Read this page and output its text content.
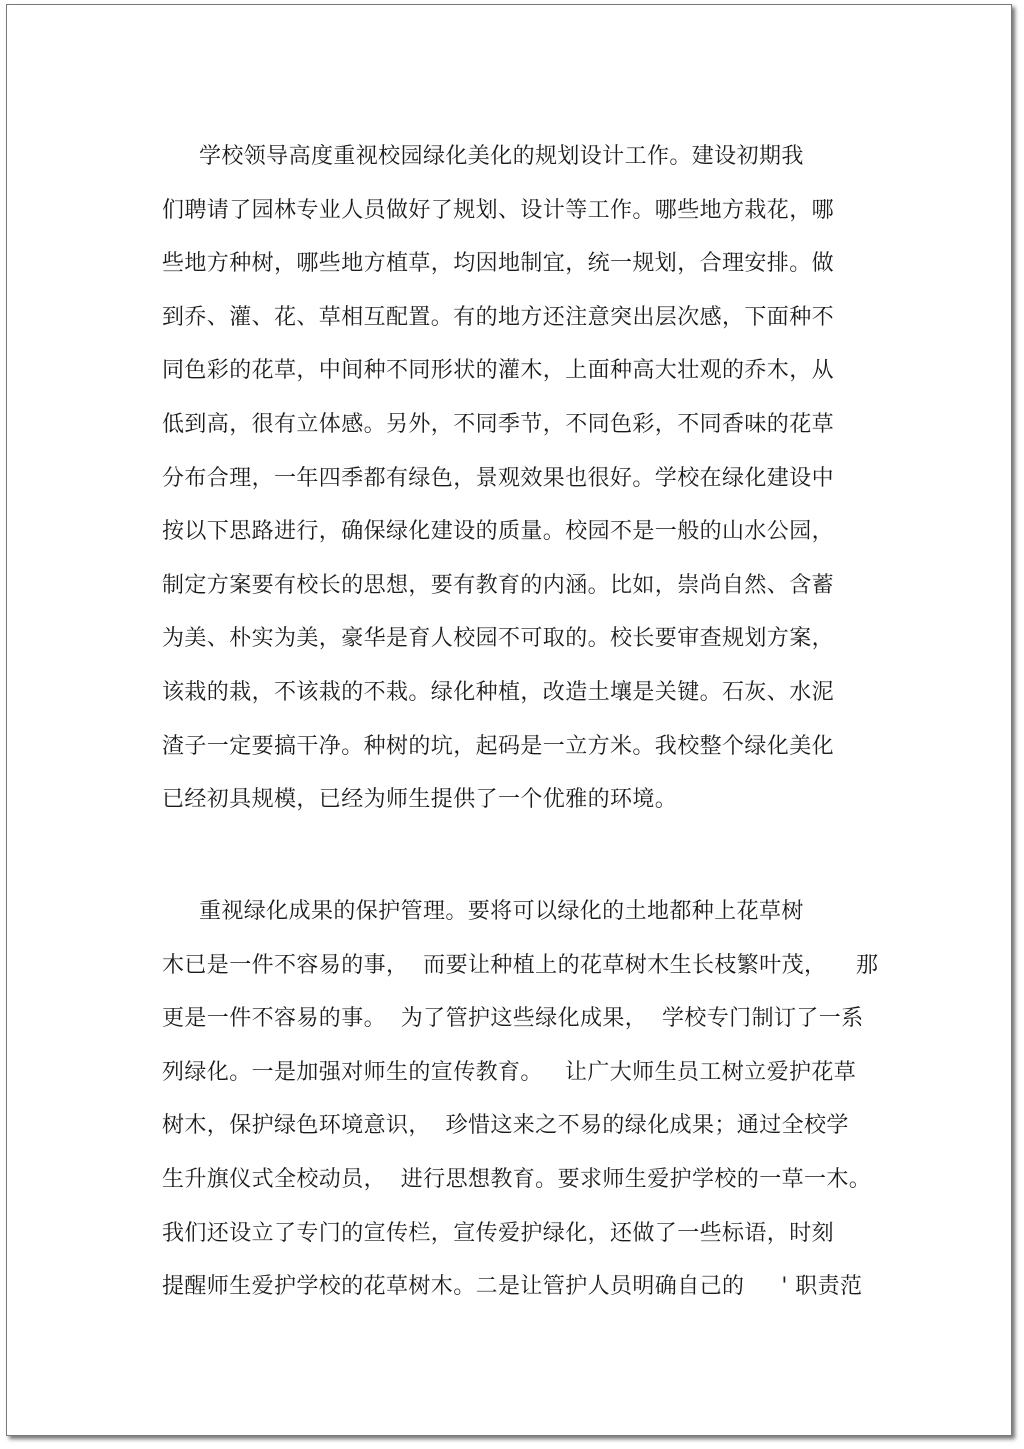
学校领导高度重视校园绿化美化的规划设计工作。建设初期我
们聘请了园林专业人员做好了规划、设计等工作。哪些地方栽花，哪
些地方种树，哪些地方植草，均因地制宜，统一规划，合理安排。做
到乔、灌、花、草相互配置。有的地方还注意突出层次感，下面种不
同色彩的花草，中间种不同形状的灌木，上面种高大壮观的乔木，从
低到高，很有立体感。另外，不同季节，不同色彩，不同香味的花草
分布合理，一年四季都有绿色，景观效果也很好。学校在绿化建设中
按以下思路进行，确保绿化建设的质量。校园不是一般的山水公园，
制定方案要有校长的思想，要有教育的内涵。比如，崇尚自然、含蓄
为美、朴实为美，豪华是育人校园不可取的。校长要审查规划方案，
该栽的栽，不该栽的不栽。绿化种植，改造土壤是关键。石灰、水泥
渣子一定要搞干净。种树的坑，起码是一立方米。我校整个绿化美化
已经初具规模，已经为师生提供了一个优雅的环境。
重视绿化成果的保护管理。要将可以绿化的土地都种上花草树
木已是一件不容易的事，  而要让种植上的花草树木生长枝繁叶茂，    那
更是一件不容易的事。  为了管护这些绿化成果，  学校专门制订了一系
列绿化。一是加强对师生的宣传教育。   让广大师生员工树立爱护花草
树木，保护绿色环境意识，  珍惜这来之不易的绿化成果；通过全校学
生升旗仪式全校动员，  进行思想教育。要求师生爱护学校的一草一木。
我们还设立了专门的宣传栏，宣传爱护绿化，还做了一些标语，时刻
提醒师生爱护学校的花草树木。二是让管护人员明确自己的     ' 职责范
